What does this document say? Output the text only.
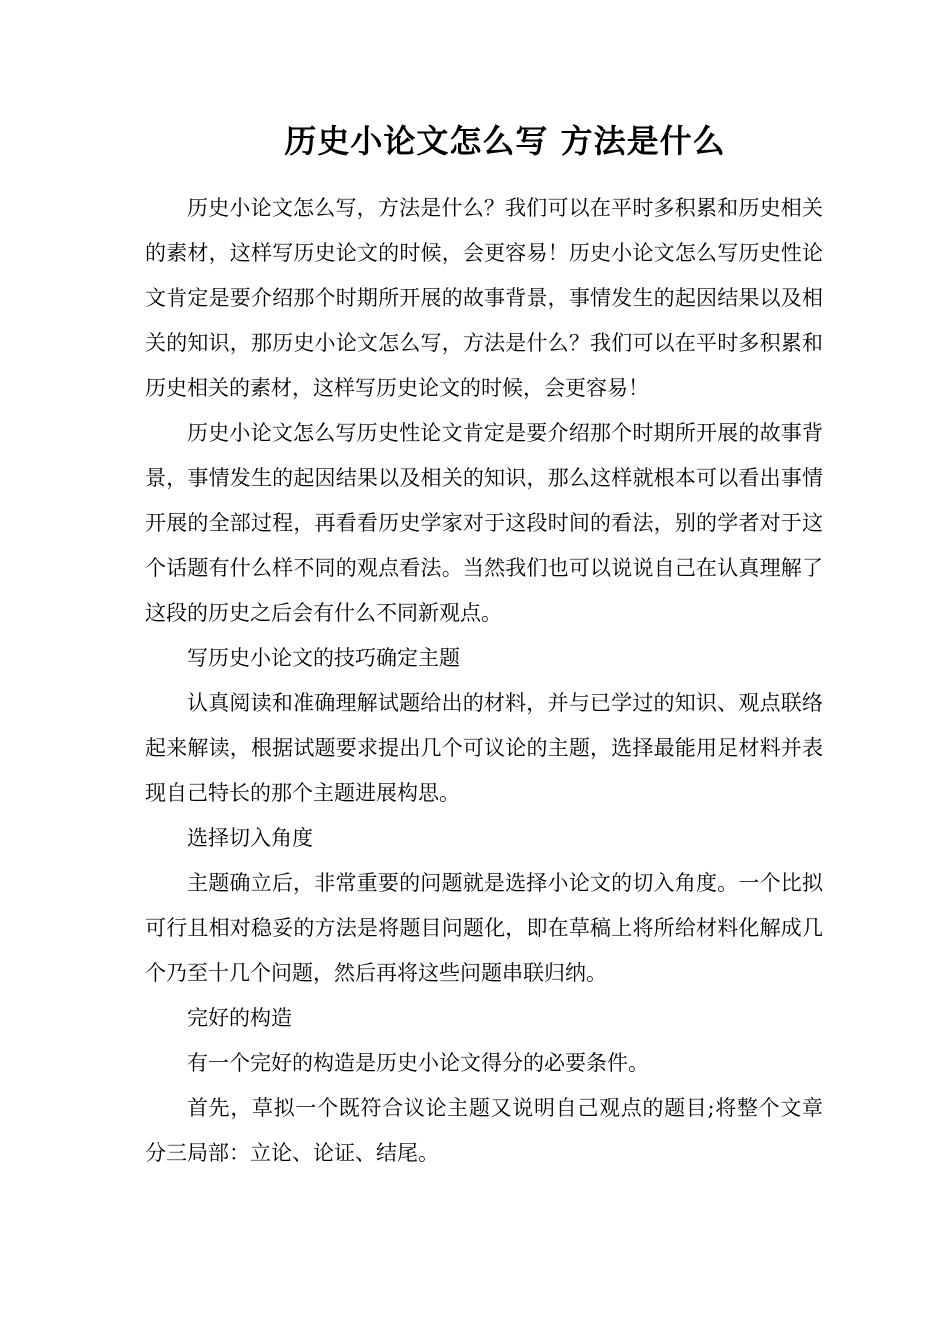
历史小论文怎么写 方法是什么

历史小论文怎么写，方法是什么？我们可以在平时多积累和历史相关的素材，这样写历史论文的时候，会更容易！历史小论文怎么写历史性论文肯定是要介绍那个时期所开展的故事背景，事情发生的起因结果以及相关的知识，那历史小论文怎么写，方法是什么？我们可以在平时多积累和历史相关的素材，这样写历史论文的时候，会更容易！

历史小论文怎么写历史性论文肯定是要介绍那个时期所开展的故事背景，事情发生的起因结果以及相关的知识，那么这样就根本可以看出事情开展的全部过程，再看看历史学家对于这段时间的看法，别的学者对于这个话题有什么样不同的观点看法。当然我们也可以说说自己在认真理解了这段的历史之后会有什么不同新观点。

写历史小论文的技巧确定主题

认真阅读和准确理解试题给出的材料，并与已学过的知识、观点联络起来解读，根据试题要求提出几个可议论的主题，选择最能用足材料并表现自己特长的那个主题进展构思。

选择切入角度

主题确立后，非常重要的问题就是选择小论文的切入角度。一个比拟可行且相对稳妥的方法是将题目问题化，即在草稿上将所给材料化解成几个乃至十几个问题，然后再将这些问题串联归纳。

完好的构造

有一个完好的构造是历史小论文得分的必要条件。

首先，草拟一个既符合议论主题又说明自己观点的题目;将整个文章分三局部：立论、论证、结尾。
